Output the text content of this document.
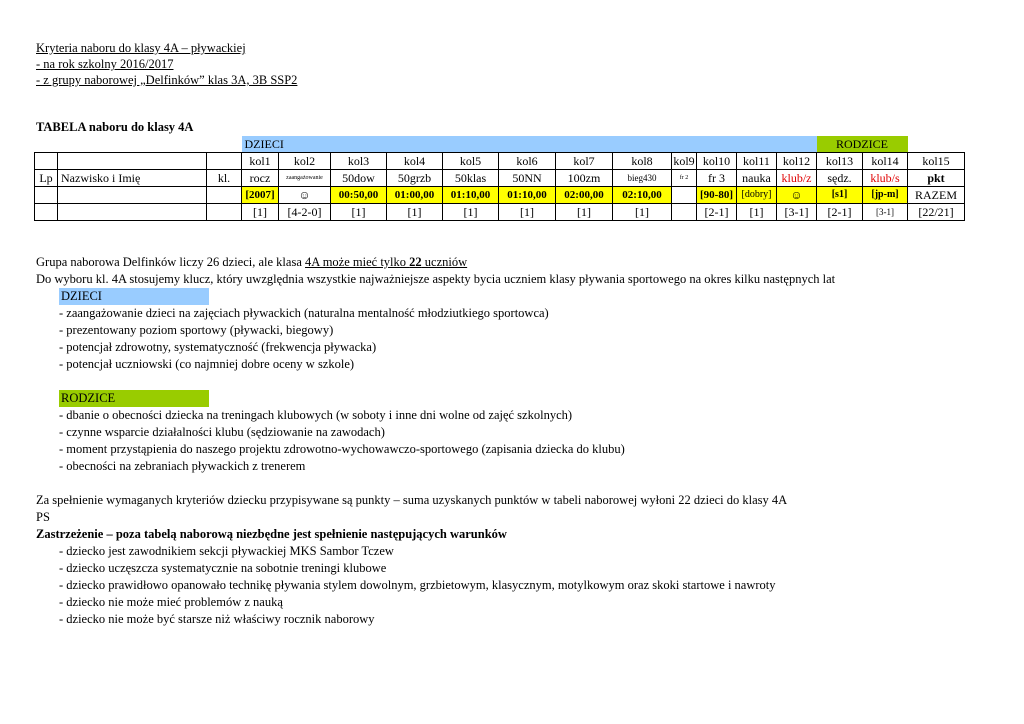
Kryteria naboru do klasy 4A – pływackiej
- na rok szkolny 2016/2017
- z grupy naborowej „Delfinków” klas 3A, 3B SSP2
TABELA naboru do klasy 4A
			DZIECI												RODZICE		
			kol1	kol2	kol3	kol4	kol5	kol6	kol7	kol8	kol9	kol10	kol11	kol12	kol13	kol14	kol15
Lp	Nazwisko i Imię	kl.	rocz	zaangażowanie	50dow	50grzb	50klas	50NN	100zm	bieg430	fr 2	fr 3	nauka	klub/z	sędz.	klub/s	pkt
			[2007]	☺	00:50,00	01:00,00	01:10,00	01:10,00	02:00,00	02:10,00		[90-80]	[dobry]	☺	[s1]	[jp-m]	RAZEM
			[1]	[4-2-0]	[1]	[1]	[1]	[1]	[1]	[1]		[2-1]	[1]	[3-1]	[2-1]	[3-1]	[22/21]
Grupa naborowa Delfinków liczy 26 dzieci, ale klasa 4A może mieć tylko 22 uczniów
Do wyboru kl. 4A stosujemy klucz, który uwzględnia wszystkie najważniejsze aspekty bycia uczniem klasy pływania sportowego na okres kilku następnych lat
DZIECI
- zaangażowanie dzieci na zajęciach pływackich (naturalna mentalność młodziutkiego sportowca)
- prezentowany poziom sportowy (pływacki, biegowy)
- potencjał zdrowotny, systematyczność (frekwencja pływacka)
- potencjał uczniowski (co najmniej dobre oceny w szkole)
RODZICE
- dbanie o obecności dziecka na treningach klubowych (w soboty i inne dni wolne od zajęć szkolnych)
- czynne wsparcie działalności klubu (sędziowanie na zawodach)
- moment przystąpienia do naszego projektu zdrowotno-wychowawczo-sportowego (zapisania dziecka do klubu)
- obecności na zebraniach pływackich z trenerem
Za spełnienie wymaganych kryteriów dziecku przypisywane są punkty – suma uzyskanych punktów w tabeli naborowej wyłoni 22 dzieci do klasy 4A
PS
Zastrzeżenie – poza tabelą naborową niezbędne jest spełnienie następujących warunków
- dziecko jest zawodnikiem sekcji pływackiej MKS Sambor Tczew
- dziecko uczęszcza systematycznie na sobotnie treningi klubowe
- dziecko prawidłowo opanowało technikę pływania stylem dowolnym, grzbietowym, klasycznym, motylkowym oraz skoki startowe i nawroty
- dziecko nie może mieć problemów z nauką
- dziecko nie może być starsze niż właściwy rocznik naborowy
